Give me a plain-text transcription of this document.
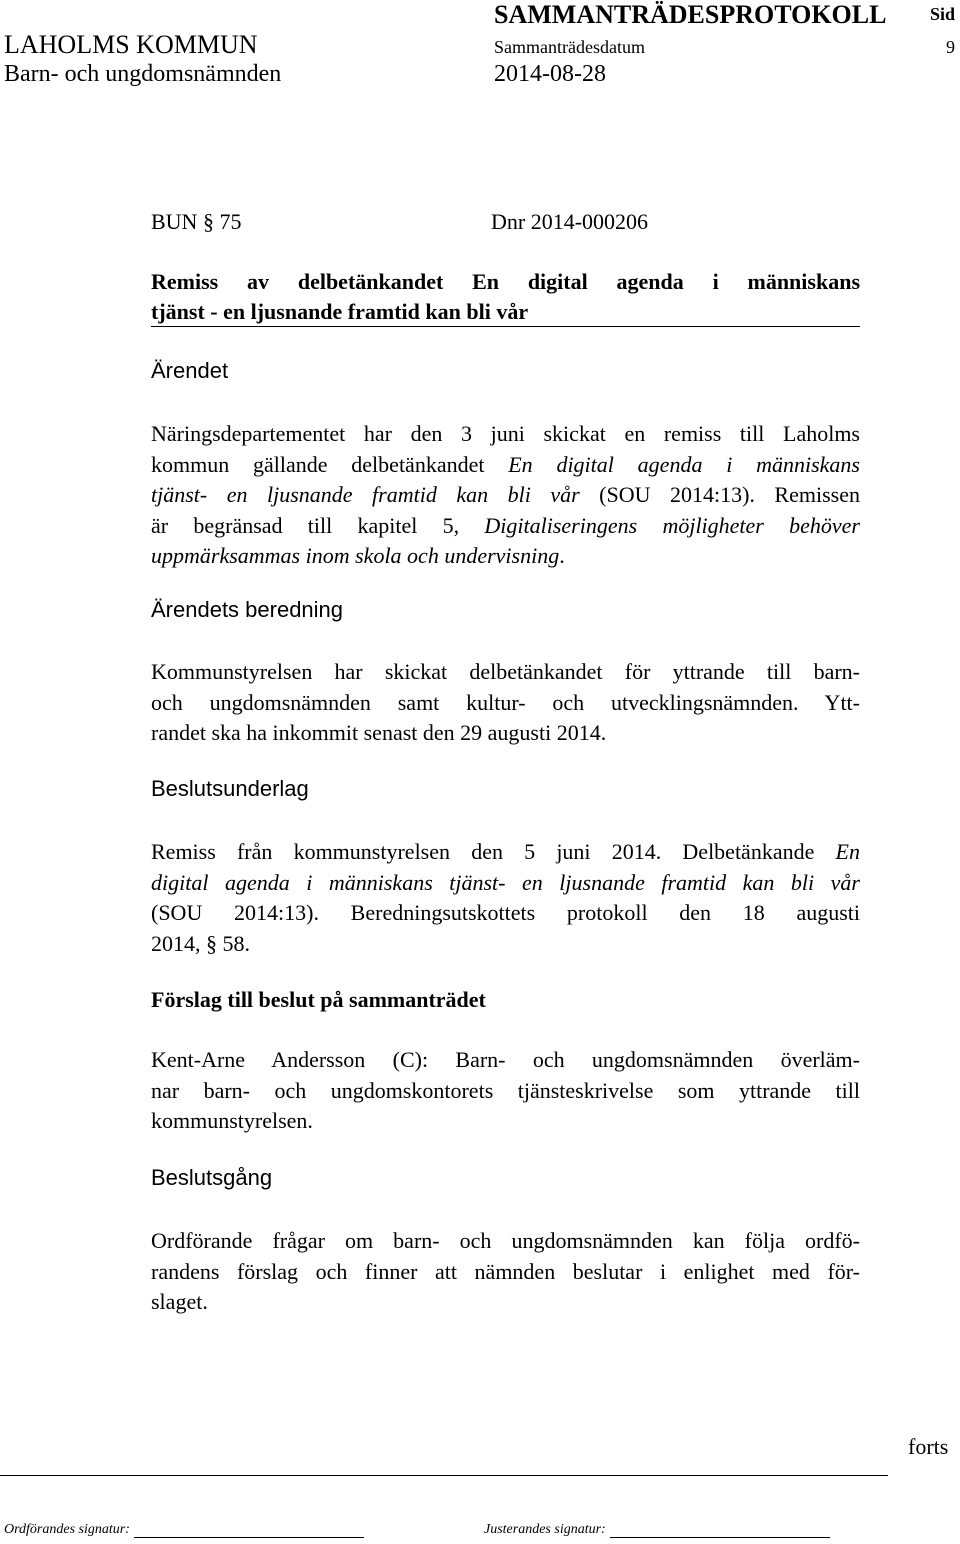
LAHOLMS KOMMUN
Barn- och ungdomsnämnden
SAMMANTRÄDESPROTOKOLL Sid
Sammanträdesdatum
2014-08-28
9
BUN § 75	Dnr 2014-000206
Remiss av delbetänkandet En digital agenda i människans
tjänst - en ljusnande framtid kan bli vår
Ärendet
Näringsdepartementet har den 3 juni skickat en remiss till Laholms
kommun gällande delbetänkandet En digital agenda i människans
tjänst- en ljusnande framtid kan bli vår (SOU 2014:13). Remissen
är begränsad till kapitel 5, Digitaliseringens möjligheter behöver
uppmärksammas inom skola och undervisning.
Ärendets beredning
Kommunstyrelsen har skickat delbetänkandet för yttrande till barn-
och ungdomsnämnden samt kultur- och utvecklingsnämnden. Ytt-
randet ska ha inkommit senast den 29 augusti 2014.
Beslutsunderlag
Remiss från kommunstyrelsen den 5 juni 2014. Delbetänkande En
digital agenda i människans tjänst- en ljusnande framtid kan bli vår
(SOU 2014:13). Beredningsutskottets protokoll den 18 augusti
2014, § 58.
Förslag till beslut på sammanträdet
Kent-Arne Andersson (C): Barn- och ungdomsnämnden överläm-
nar barn- och ungdomskontorets tjänsteskrivelse som yttrande till
kommunstyrelsen.
Beslutsgång
Ordförande frågar om barn- och ungdomsnämnden kan följa ordfö-
randens förslag och finner att nämnden beslutar i enlighet med för-
slaget.
forts
Ordförandes signatur:	Justerandes signatur:
